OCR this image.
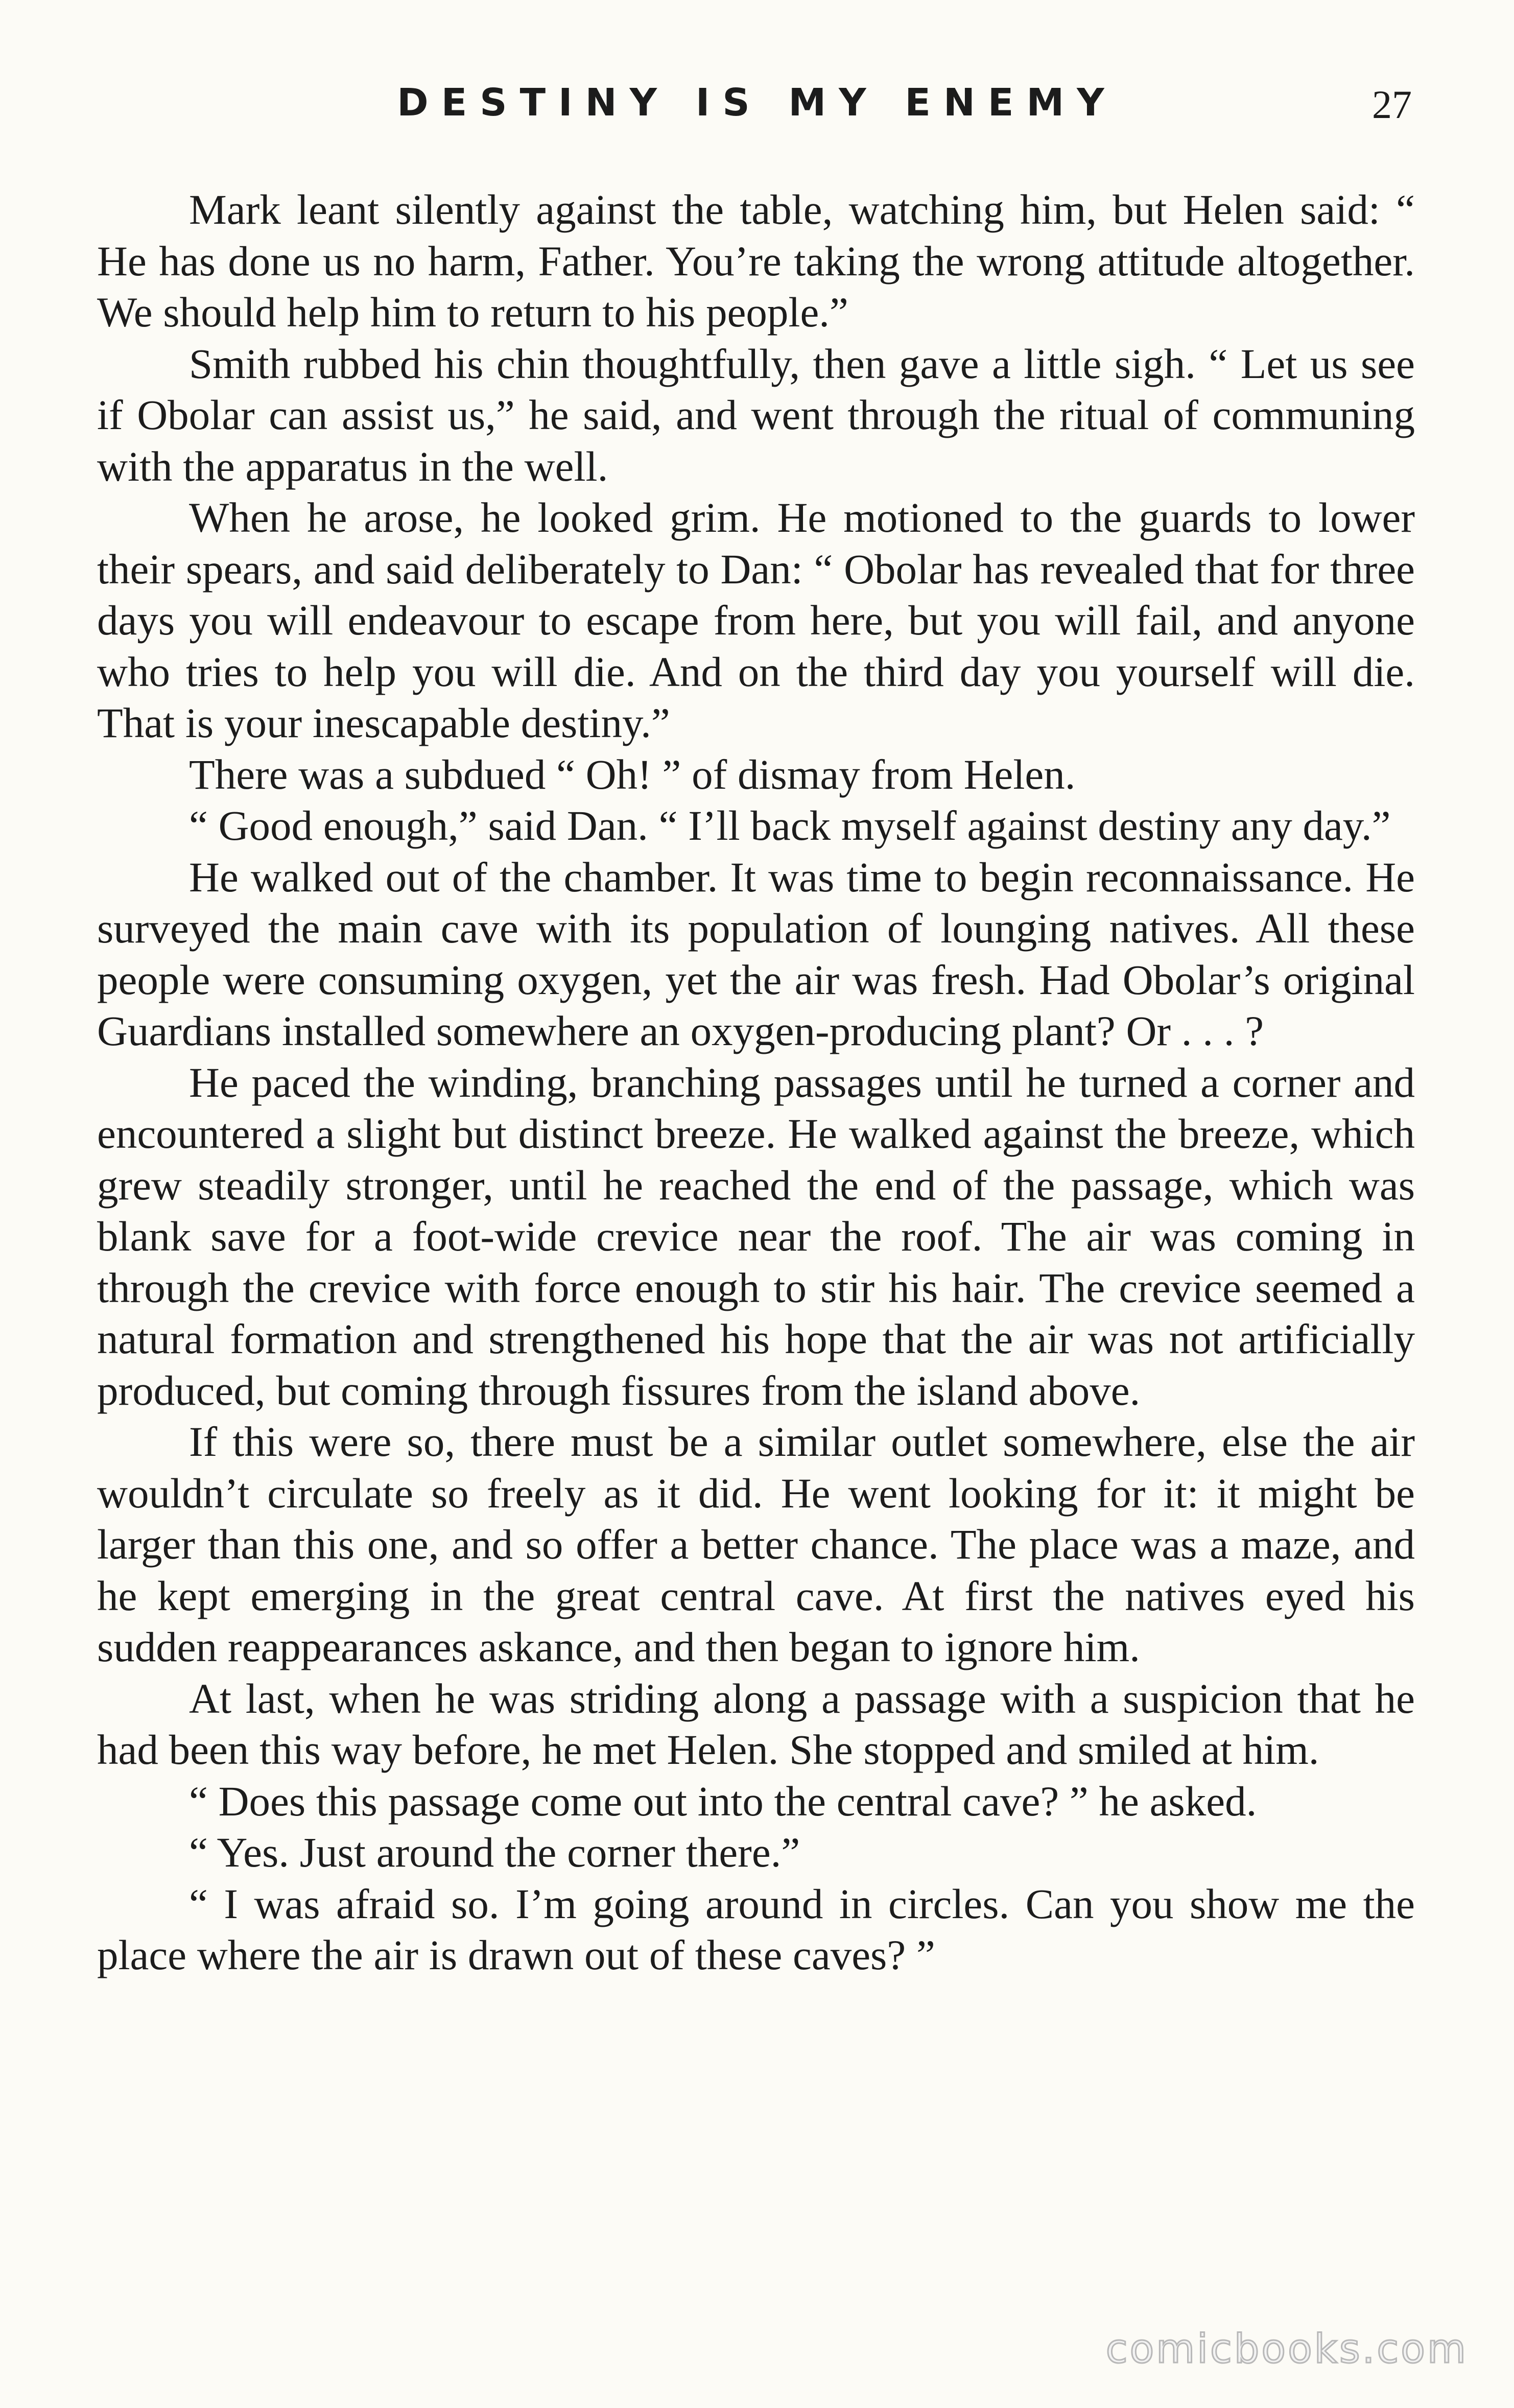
DESTINY IS MY ENEMY	27

Mark leant silently against the table, watching him, but Helen said: “ He has done us no harm, Father. You’re taking the wrong attitude altogether. We should help him to return to his people.”

Smith rubbed his chin thoughtfully, then gave a little sigh. “ Let us see if Obolar can assist us,” he said, and went through the ritual of communing with the apparatus in the well.

When he arose, he looked grim. He motioned to the guards to lower their spears, and said deliberately to Dan: “ Obolar has revealed that for three days you will endeavour to escape from here, but you will fail, and anyone who tries to help you will die. And on the third day you yourself will die. That is your inescapable destiny.”

There was a subdued “ Oh! ” of dismay from Helen.

“ Good enough,” said Dan. “ I’ll back myself against destiny any day.”

He walked out of the chamber. It was time to begin reconnaissance. He surveyed the main cave with its population of lounging natives. All these people were consuming oxygen, yet the air was fresh. Had Obolar’s original Guardians installed somewhere an oxygen-producing plant? Or . . . ?

He paced the winding, branching passages until he turned a corner and encountered a slight but distinct breeze. He walked against the breeze, which grew steadily stronger, until he reached the end of the passage, which was blank save for a foot-wide crevice near the roof. The air was coming in through the crevice with force enough to stir his hair. The crevice seemed a natural formation and strengthened his hope that the air was not artificially produced, but coming through fissures from the island above.

If this were so, there must be a similar outlet somewhere, else the air wouldn’t circulate so freely as it did. He went looking for it: it might be larger than this one, and so offer a better chance. The place was a maze, and he kept emerging in the great central cave. At first the natives eyed his sudden reappearances askance, and then began to ignore him.

At last, when he was striding along a passage with a suspicion that he had been this way before, he met Helen. She stopped and smiled at him.

“ Does this passage come out into the central cave? ” he asked.

“ Yes. Just around the corner there.”

“ I was afraid so. I’m going around in circles. Can you show me the place where the air is drawn out of these caves? ”

comicbooks.com
